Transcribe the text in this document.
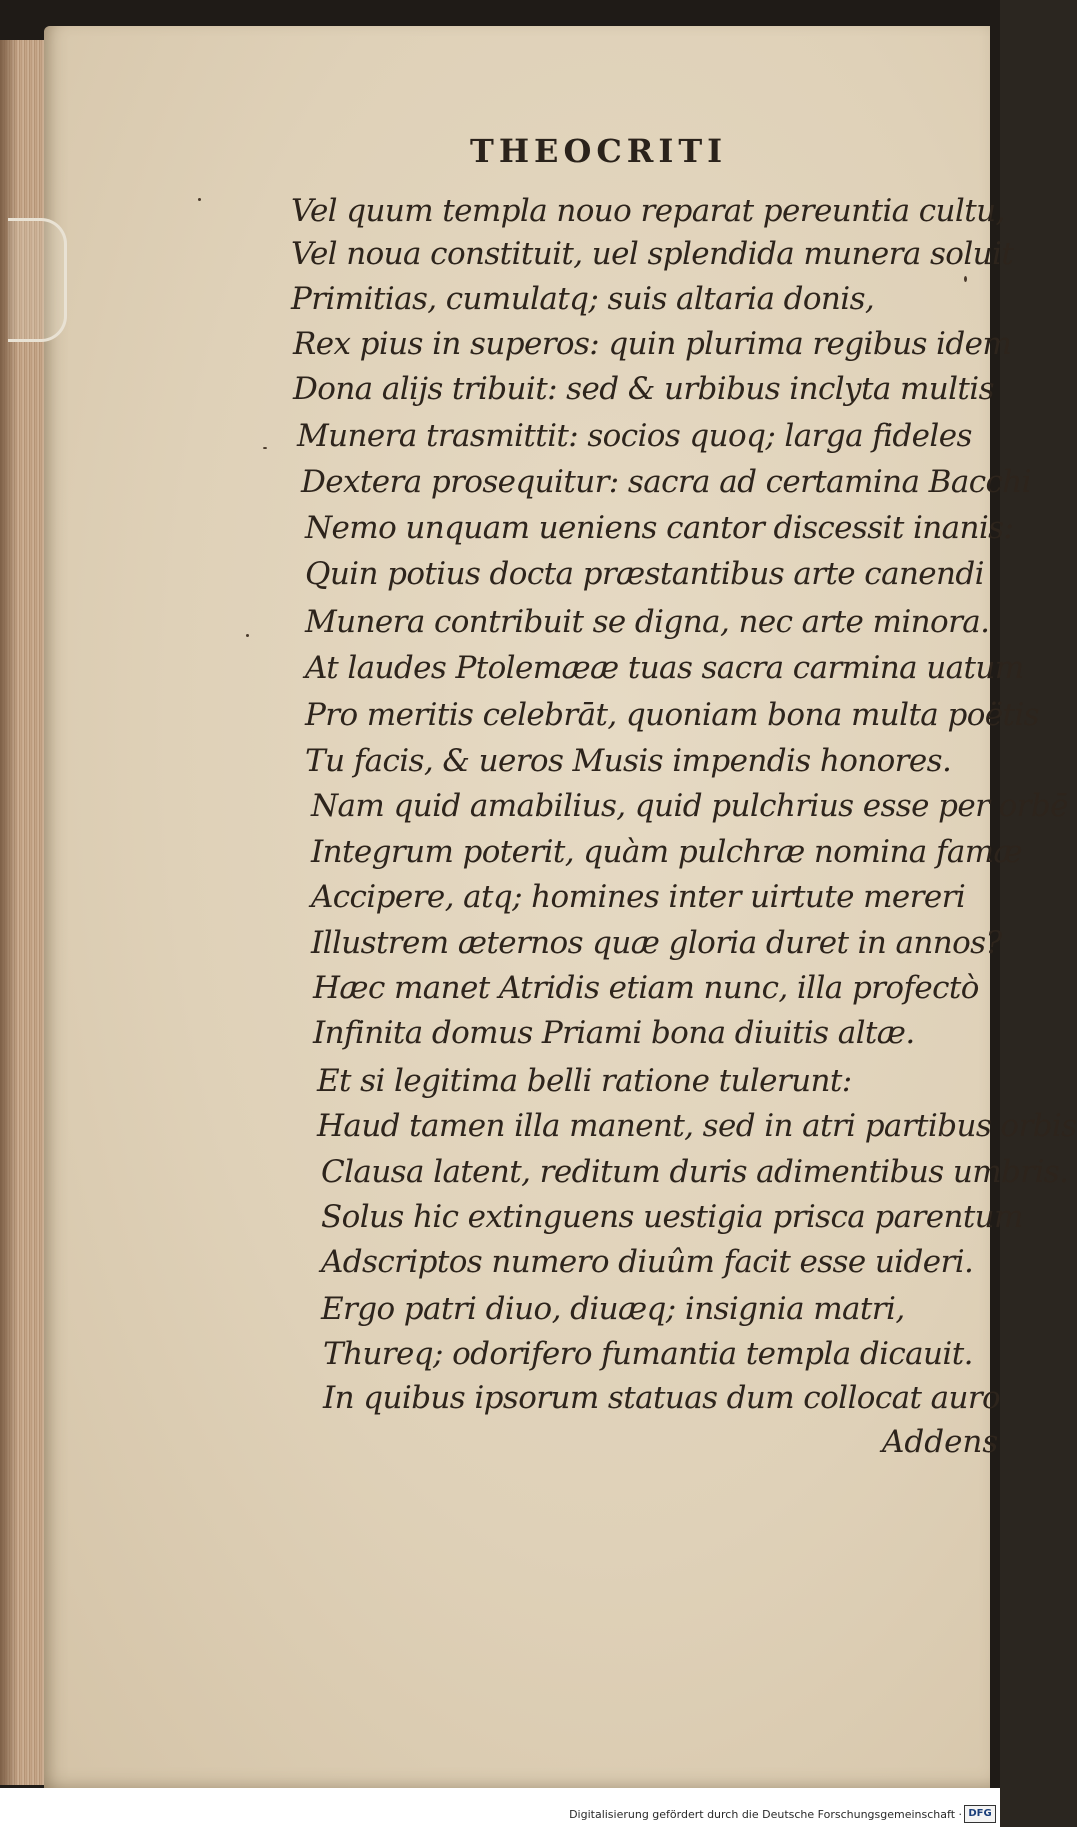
THEOCRITI
Vel quum templa nouo reparat pereuntia cultu,
Vel noua constituit, uel splendida munera soluit
Primitias, cumulatq; suis altaria donis,
Rex pius in superos: quin plurima regibus idem
Dona alijs tribuit: sed & urbibus inclyta multis
Munera trasmittit: socios quoq; larga fideles
Dextera prosequitur: sacra ad certamina Bacchi
Nemo unquam ueniens cantor discessit inanis:
Quin potius docta præstantibus arte canendi
Munera contribuit se digna, nec arte minora.
At laudes Ptolemææ tuas sacra carmina uatum
Pro meritis celebrāt, quoniam bona multa poëtis
Tu facis, & ueros Musis impendis honores.
Nam quid amabilius, quid pulchrius esse per orbē
Integrum poterit, quàm pulchræ nomina famæ
Accipere, atq; homines inter uirtute mereri
Illustrem æternos quæ gloria duret in annos?
Hæc manet Atridis etiam nunc, illa profectò
Infinita domus Priami bona diuitis altæ.
Et si legitima belli ratione tulerunt:
Haud tamen illa manent, sed in atri partibus orbis
Clausa latent, reditum duris adimentibus umbris.
Solus hic extinguens uestigia prisca parentum
Adscriptos numero diuûm facit esse uideri.
Ergo patri diuo, diuæq; insignia matri,
Thureq; odorifero fumantia templa dicauit.
In quibus ipsorum statuas dum collocat auro
Addens
Digitalisierung gefördert durch die Deutsche Forschungsgemeinschaft · DFG
